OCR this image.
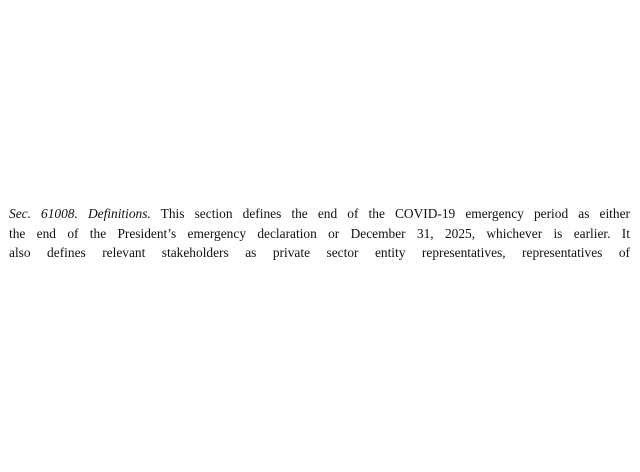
Sec. 61008. Definitions. This section defines the end of the COVID-19 emergency period as either
the end of the President’s emergency declaration or December 31, 2025, whichever is earlier. It
also defines relevant stakeholders as private sector entity representatives, representatives of
